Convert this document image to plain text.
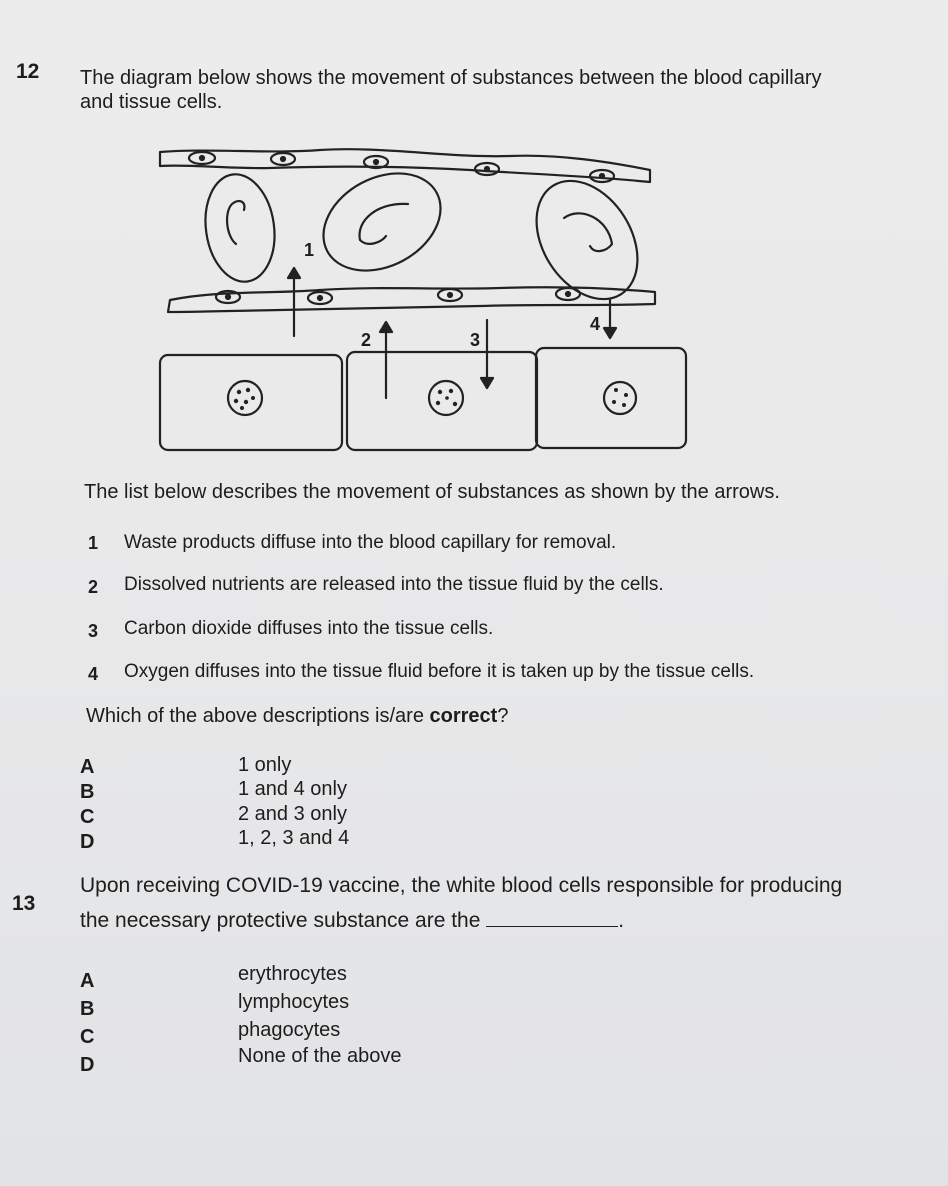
12 The diagram below shows the movement of substances between the blood capillary
and tissue cells.
1
2	3
4
The list below describes the movement of substances as shown by the arrows.
1 Waste products diffuse into the blood capillary for removal.
2 Dissolved nutrients are released into the tissue fluid by the cells.
3 Carbon dioxide diffuses into the tissue cells.
4 Oxygen diffuses into the tissue fluid before it is taken up by the tissue cells.
Which of the above descriptions is/are correct?
A	1 only
B	1 and 4 only
C	2 and 3 only
D	1, 2, 3 and 4
13
Upon receiving COVID-19 vaccine, the white blood cells responsible for producing
the necessary protective substance are the	.
A	erythrocytes
B	lymphocytes
C	phagocytes
D	None of the above
